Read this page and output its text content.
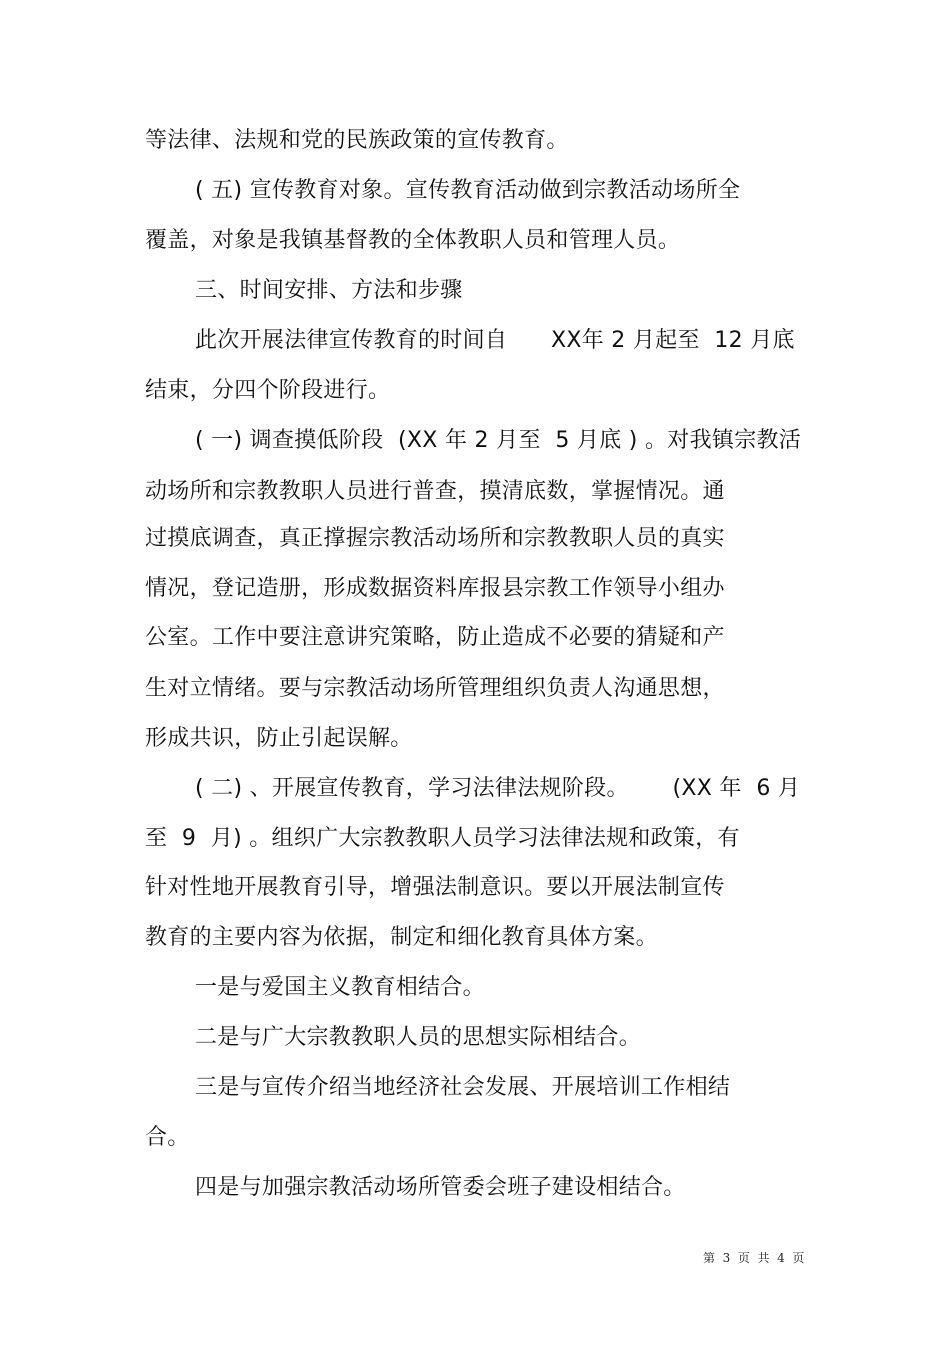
等法律、法规和党的民族政策的宣传教育。
( 五) 宣传教育对象。宣传教育活动做到宗教活动场所全
覆盖，对象是我镇基督教的全体教职人员和管理人员。
三、时间安排、方法和步骤
此次开展法律宣传教育的时间自      XX年 2 月起至  12 月底
结束，分四个阶段进行。
( 一) 调查摸低阶段  (XX 年 2 月至  5 月底 ) 。对我镇宗教活
动场所和宗教教职人员进行普查，摸清底数，掌握情况。通
过摸底调查，真正撑握宗教活动场所和宗教教职人员的真实
情况，登记造册，形成数据资料库报县宗教工作领导小组办
公室。工作中要注意讲究策略，防止造成不必要的猜疑和产
生对立情绪。要与宗教活动场所管理组织负责人沟通思想，
形成共识，防止引起误解。
( 二) 、开展宣传教育，学习法律法规阶段。      (XX 年  6 月
至  9  月) 。组织广大宗教教职人员学习法律法规和政策，有
针对性地开展教育引导，增强法制意识。要以开展法制宣传
教育的主要内容为依据，制定和细化教育具体方案。
一是与爱国主义教育相结合。
二是与广大宗教教职人员的思想实际相结合。
三是与宣传介绍当地经济社会发展、开展培训工作相结
合。
四是与加强宗教活动场所管委会班子建设相结合。
第  3  页  共  4  页
